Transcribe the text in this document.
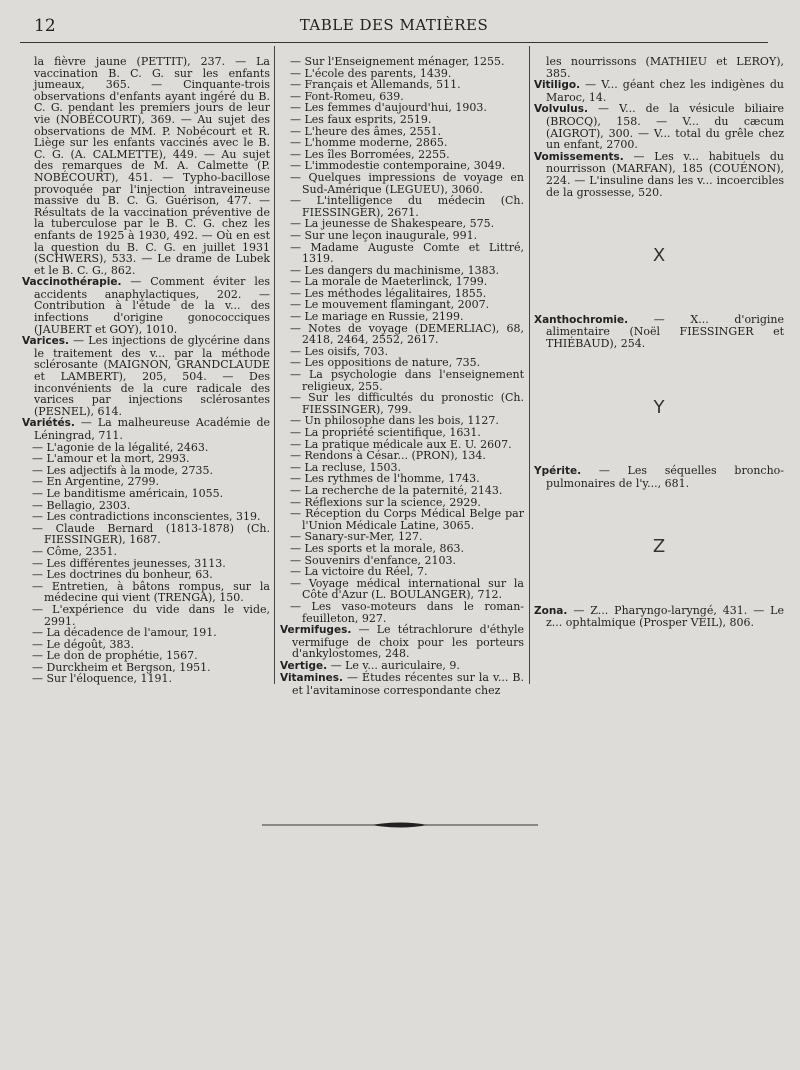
12	TABLE DES MATIÈRES

la fièvre jaune (PETTIT), 237. — La vaccination B. C. G. sur les enfants jumeaux, 365. — Cinquante-trois observations d'enfants ayant ingéré du B. C. G. pendant les premiers jours de leur vie (NOBÉCOURT), 369. — Au sujet des observations de MM. P. Nobécourt et R. Liège sur les enfants vaccinés avec le B. C. G. (A. CALMETTE), 449. — Au sujet des remarques de M. A. Calmette (P. NOBÉCOURT), 451. — Typho-bacillose provoquée par l'injection intraveineuse massive du B. C. G. Guérison, 477. — Résultats de la vaccination préventive de la tuberculose par le B. C. G. chez les enfants de 1925 à 1930, 492. — Où en est la question du B. C. G. en juillet 1931 (SCHWERS), 533. — Le drame de Lubek et le B. C. G., 862.

Vaccinothérapie. — Comment éviter les accidents anaphylactiques, 202. — Contribution à l'étude de la v... des infections d'origine gonococciques (JAUBERT et GOY), 1010.

Varices. — Les injections de glycérine dans le traitement des v... par la méthode sclérosante (MAIGNON, GRANDCLAUDE et LAMBERT), 205, 504. — Des inconvénients de la cure radicale des varices par injections sclérosantes (PESNEL), 614.

Variétés. — La malheureuse Académie de Léningrad, 711.

— L'agonie de la légalité, 2463.

— L'amour et la mort, 2993.

— Les adjectifs à la mode, 2735.

— En Argentine, 2799.

— Le banditisme américain, 1055.

— Bellagio, 2303.

— Les contradictions inconscientes, 319.

— Claude Bernard (1813-1878) (Ch. FIESSINGER), 1687.

— Côme, 2351.

— Les différentes jeunesses, 3113.

— Les doctrines du bonheur, 63.

— Entretien, à bâtons rompus, sur la médecine qui vient (TRENGA), 150.

— L'expérience du vide dans le vide, 2991.

— La décadence de l'amour, 191.

— Le dégoût, 383.

— Le don de prophétie, 1567.

— Durckheim et Bergson, 1951.

— Sur l'éloquence, 1191.

— Sur l'Enseignement ménager, 1255.

— L'école des parents, 1439.

— Français et Allemands, 511.

— Font-Romeu, 639.

— Les femmes d'aujourd'hui, 1903.

— Les faux esprits, 2519.

— L'heure des âmes, 2551.

— L'homme moderne, 2865.

— Les îles Borromées, 2255.

— L'immodestie contemporaine, 3049.

— Quelques impressions de voyage en Sud-Amérique (LEGUEU), 3060.

— L'intelligence du médecin (Ch. FIESSINGER), 2671.

— La jeunesse de Shakespeare, 575.

— Sur une leçon inaugurale, 991.

— Madame Auguste Comte et Littré, 1319.

— Les dangers du machinisme, 1383.

— La morale de Maeterlinck, 1799.

— Les méthodes légalitaires, 1855.

— Le mouvement flamingant, 2007.

— Le mariage en Russie, 2199.

— Notes de voyage (DEMERLIAC), 68, 2418, 2464, 2552, 2617.

— Les oisifs, 703.

— Les oppositions de nature, 735.

— La psychologie dans l'enseignement religieux, 255.

— Sur les difficultés du pronostic (Ch. FIESSINGER), 799.

— Un philosophe dans les bois, 1127.

— La propriété scientifique, 1631.

— La pratique médicale aux E. U. 2607.

— Rendons à César... (PRON), 134.

— La recluse, 1503.

— Les rythmes de l'homme, 1743.

— La recherche de la paternité, 2143.

— Réflexions sur la science, 2929.

— Réception du Corps Médical Belge par l'Union Médicale Latine, 3065.

— Sanary-sur-Mer, 127.

— Les sports et la morale, 863.

— Souvenirs d'enfance, 2103.

— La victoire du Réel, 7.

— Voyage médical international sur la Côte d'Azur (L. BOULANGER), 712.

— Les vaso-moteurs dans le roman-feuilleton, 927.

Vermifuges. — Le tétrachlorure d'éthyle vermifuge de choix pour les porteurs d'ankylostomes, 248.

Vertige. — Le v... auriculaire, 9.

Vitamines. — Études récentes sur la v... B. et l'avitaminose correspondante chez

les nourrissons (MATHIEU et LEROY), 385.

Vitiligo. — V... géant chez les indigènes du Maroc, 14.

Volvulus. — V... de la vésicule biliaire (BROCQ), 158. — V... du cæcum (AIGROT), 300. — V... total du grêle chez un enfant, 2700.

Vomissements. — Les v... habituels du nourrisson (MARFAN), 185 (COUÉNON), 224. — L'insuline dans les v... incoercibles de la grossesse, 520.

X

Xanthochromie. — X... d'origine alimentaire (Noël FIESSINGER et THIÉBAUD), 254.

Y

Ypérite. — Les séquelles broncho-pulmonaires de l'y..., 681.

Z

Zona. — Z... Pharyngo-laryngé, 431. — Le z... ophtalmique (Prosper VEIL), 806.
